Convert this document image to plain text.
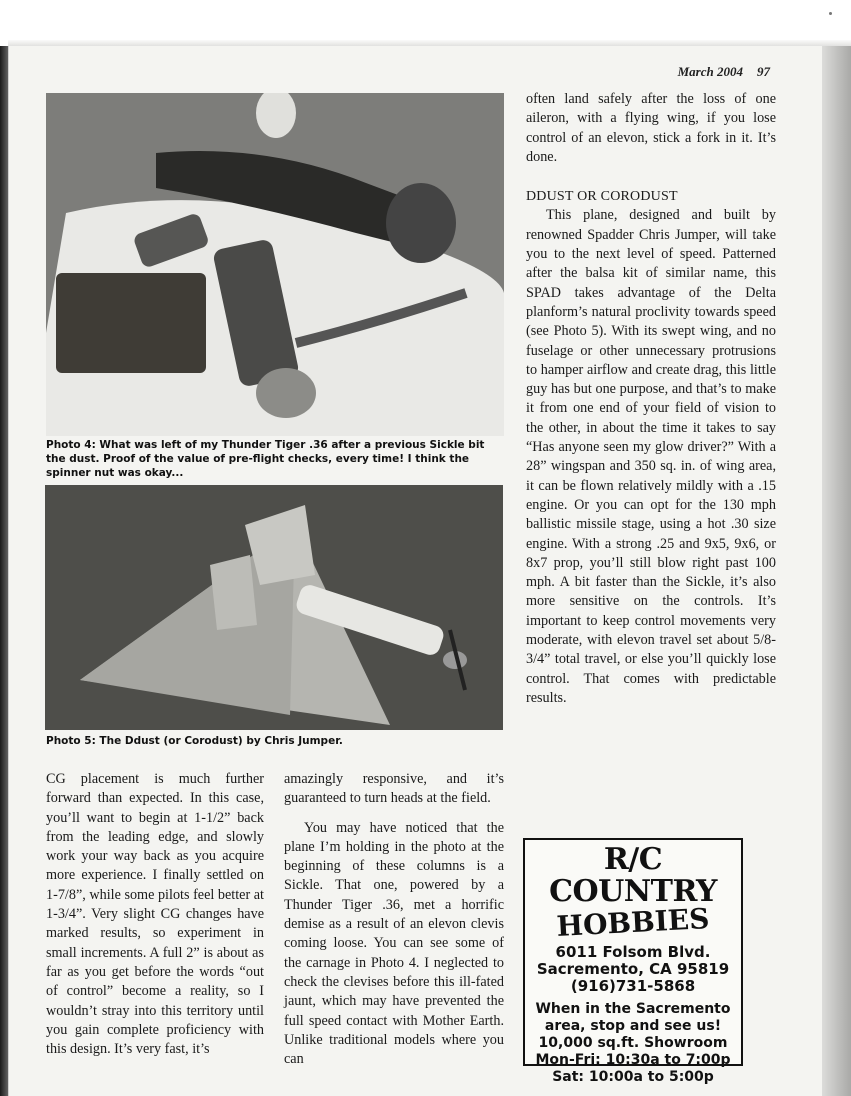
March 2004 97
Photo 4: What was left of my Thunder Tiger .36 after a previous Sickle bit the dust. Proof of the value of pre-flight checks, every time! I think the spinner nut was okay...
Photo 5: The Ddust (or Corodust) by Chris Jumper.

often land safely after the loss of one aileron, with a flying wing, if you lose control of an elevon, stick a fork in it. It’s done.

DDUST OR CORODUST

This plane, designed and built by renowned Spadder Chris Jumper, will take you to the next level of speed. Patterned after the balsa kit of similar name, this SPAD takes advantage of the Delta planform’s natural proclivity towards speed (see Photo 5). With its swept wing, and no fuselage or other unnecessary protrusions to hamper airflow and create drag, this little guy has but one purpose, and that’s to make it from one end of your field of vision to the other, in about the time it takes to say “Has anyone seen my glow driver?” With a 28” wingspan and 350 sq. in. of wing area, it can be flown relatively mildly with a .15 engine. Or you can opt for the 130 mph ballistic missile stage, using a hot .30 size engine. With a strong .25 and 9x5, 9x6, or 8x7 prop, you’ll still blow right past 100 mph. A bit faster than the Sickle, it’s also more sensitive on the controls. It’s important to keep control movements very moderate, with elevon travel set about 5/8-3/4” total travel, or else you’ll quickly lose control. That comes with predictable results.

CG placement is much further forward than expected. In this case, you’ll want to begin at 1-1/2” back from the leading edge, and slowly work your way back as you acquire more experience. I finally settled on 1-7/8”, while some pilots feel better at 1-3/4”. Very slight CG changes have marked results, so experiment in small increments. A full 2” is about as far as you get before the words “out of control” become a reality, so I wouldn’t stray into this territory until you gain complete proficiency with this design. It’s very fast, it’s

amazingly responsive, and it’s guaranteed to turn heads at the field.

You may have noticed that the plane I’m holding in the photo at the beginning of these columns is a Sickle. That one, powered by a Thunder Tiger .36, met a horrific demise as a result of an elevon clevis coming loose. You can see some of the carnage in Photo 4. I neglected to check the clevises before this ill-fated jaunt, which may have prevented the full speed contact with Mother Earth. Unlike traditional models where you can

R/C COUNTRY
HOBBIES
6011 Folsom Blvd.
Sacremento, CA 95819
(916)731-5868
When in the Sacremento
area, stop and see us!
10,000 sq.ft. Showroom
Mon-Fri: 10:30a to 7:00p
Sat: 10:00a to 5:00p
